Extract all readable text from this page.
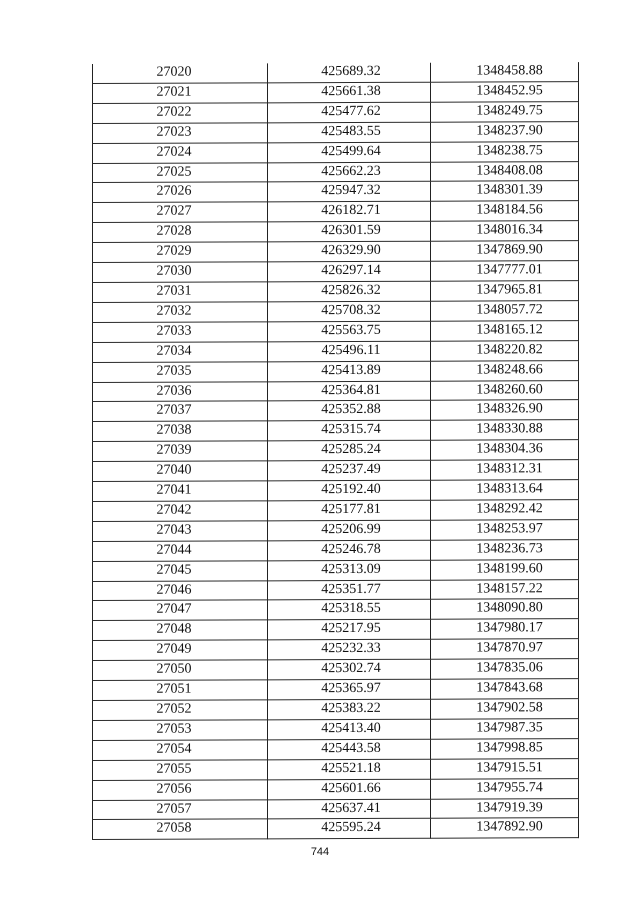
27020	425689.32	1348458.88
27021	425661.38	1348452.95
27022	425477.62	1348249.75
27023	425483.55	1348237.90
27024	425499.64	1348238.75
27025	425662.23	1348408.08
27026	425947.32	1348301.39
27027	426182.71	1348184.56
27028	426301.59	1348016.34
27029	426329.90	1347869.90
27030	426297.14	1347777.01
27031	425826.32	1347965.81
27032	425708.32	1348057.72
27033	425563.75	1348165.12
27034	425496.11	1348220.82
27035	425413.89	1348248.66
27036	425364.81	1348260.60
27037	425352.88	1348326.90
27038	425315.74	1348330.88
27039	425285.24	1348304.36
27040	425237.49	1348312.31
27041	425192.40	1348313.64
27042	425177.81	1348292.42
27043	425206.99	1348253.97
27044	425246.78	1348236.73
27045	425313.09	1348199.60
27046	425351.77	1348157.22
27047	425318.55	1348090.80
27048	425217.95	1347980.17
27049	425232.33	1347870.97
27050	425302.74	1347835.06
27051	425365.97	1347843.68
27052	425383.22	1347902.58
27053	425413.40	1347987.35
27054	425443.58	1347998.85
27055	425521.18	1347915.51
27056	425601.66	1347955.74
27057	425637.41	1347919.39
27058	425595.24	1347892.90
744
